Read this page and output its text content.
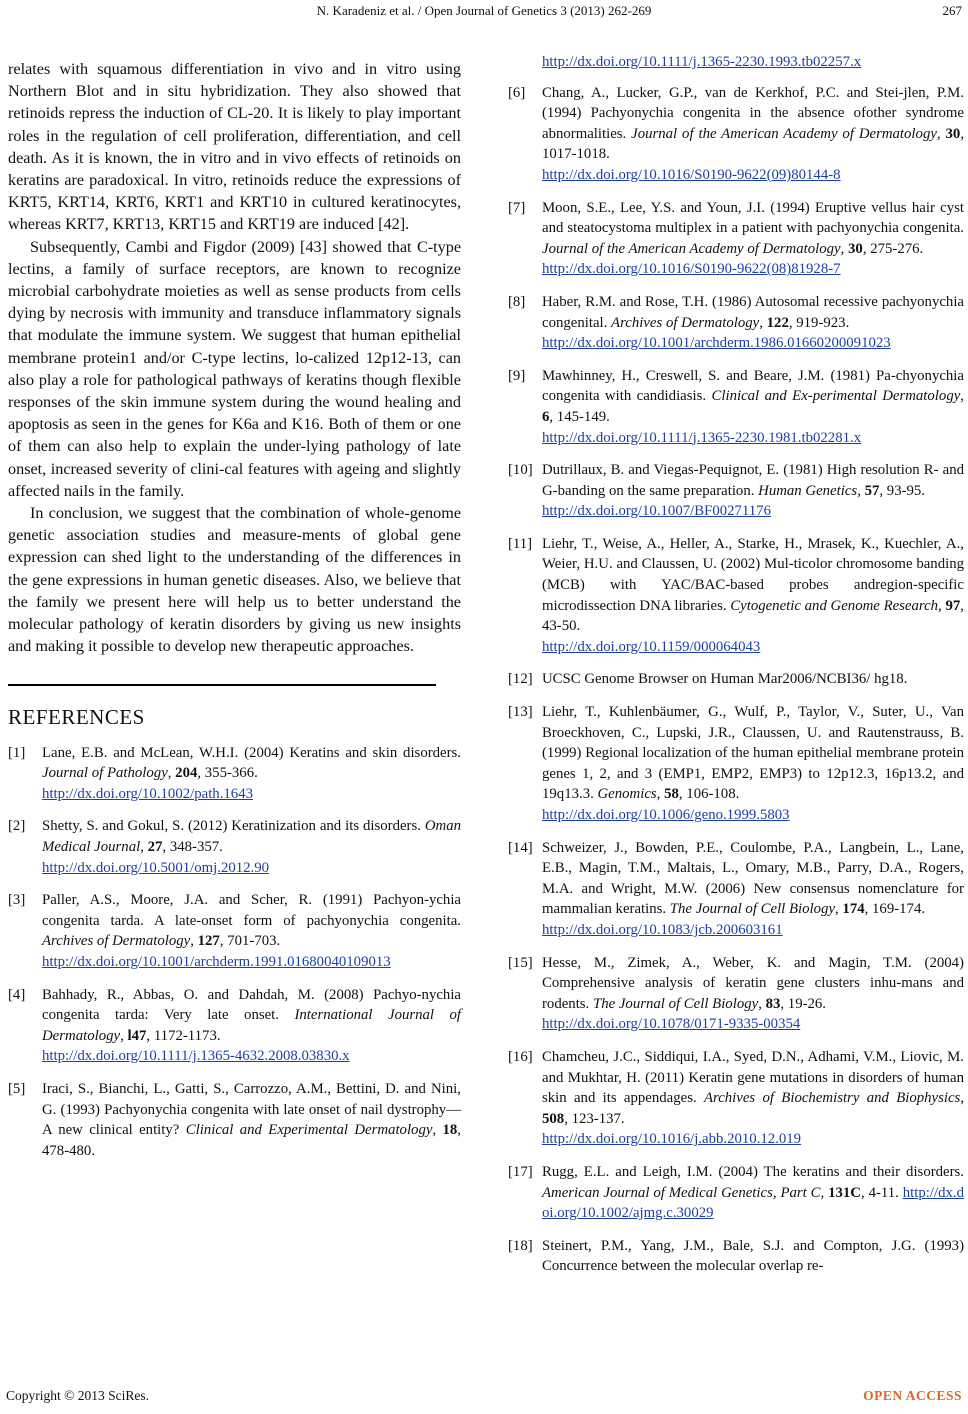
N. Karadeniz et al. / Open Journal of Genetics 3 (2013) 262-269	267

relates with squamous differentiation in vivo and in vitro using Northern Blot and in situ hybridization. They also showed that retinoids repress the induction of CL-20. It is likely to play important roles in the regulation of cell proliferation, differentiation, and cell death. As it is known, the in vitro and in vivo effects of retinoids on keratins are paradoxical. In vitro, retinoids reduce the expressions of KRT5, KRT14, KRT6, KRT1 and KRT10 in cultured keratinocytes, whereas KRT7, KRT13, KRT15 and KRT19 are induced [42].

Subsequently, Cambi and Figdor (2009) [43] showed that C-type lectins, a family of surface receptors, are known to recognize microbial carbohydrate moieties as well as sense products from cells dying by necrosis with immunity and transduce inflammatory signals that modulate the immune system. We suggest that human epithelial membrane protein1 and/or C-type lectins, lo-calized 12p12-13, can also play a role for pathological pathways of keratins though flexible responses of the skin immune system during the wound healing and apoptosis as seen in the genes for K6a and K16. Both of them or one of them can also help to explain the under-lying pathology of late onset, increased severity of clini-cal features with ageing and slightly affected nails in the family.

In conclusion, we suggest that the combination of whole-genome genetic association studies and measure-ments of global gene expression can shed light to the understanding of the differences in the gene expressions in human genetic diseases. Also, we believe that the family we present here will help us to better understand the molecular pathology of keratin disorders by giving us new insights and making it possible to develop new therapeutic approaches.

REFERENCES
[1] Lane, E.B. and McLean, W.H.I. (2004) Keratins and skin disorders. Journal of Pathology, 204, 355-366.
http://dx.doi.org/10.1002/path.1643
[2] Shetty, S. and Gokul, S. (2012) Keratinization and its disorders. Oman Medical Journal, 27, 348-357.
http://dx.doi.org/10.5001/omj.2012.90
[3] Paller, A.S., Moore, J.A. and Scher, R. (1991) Pachyon-ychia congenita tarda. A late-onset form of pachyonychia congenita. Archives of Dermatology, 127, 701-703.
http://dx.doi.org/10.1001/archderm.1991.01680040109013
[4] Bahhady, R., Abbas, O. and Dahdah, M. (2008) Pachyo-nychia congenita tarda: Very late onset. International Journal of Dermatology, l47, 1172-1173.
http://dx.doi.org/10.1111/j.1365-4632.2008.03830.x
[5] Iraci, S., Bianchi, L., Gatti, S., Carrozzo, A.M., Bettini, D. and Nini, G. (1993) Pachyonychia congenita with late onset of nail dystrophy—A new clinical entity? Clinical and Experimental Dermatology, 18, 478-480.
http://dx.doi.org/10.1111/j.1365-2230.1993.tb02257.x
[6] Chang, A., Lucker, G.P., van de Kerkhof, P.C. and Stei-jlen, P.M. (1994) Pachyonychia congenita in the absence ofother syndrome abnormalities. Journal of the American Academy of Dermatology, 30, 1017-1018.
http://dx.doi.org/10.1016/S0190-9622(09)80144-8
[7] Moon, S.E., Lee, Y.S. and Youn, J.I. (1994) Eruptive vellus hair cyst and steatocystoma multiplex in a patient with pachyonychia congenita. Journal of the American Academy of Dermatology, 30, 275-276.
http://dx.doi.org/10.1016/S0190-9622(08)81928-7
[8] Haber, R.M. and Rose, T.H. (1986) Autosomal recessive pachyonychia congenital. Archives of Dermatology, 122, 919-923.
http://dx.doi.org/10.1001/archderm.1986.01660200091023
[9] Mawhinney, H., Creswell, S. and Beare, J.M. (1981) Pa-chyonychia congenita with candidiasis. Clinical and Ex-perimental Dermatology, 6, 145-149.
http://dx.doi.org/10.1111/j.1365-2230.1981.tb02281.x
[10] Dutrillaux, B. and Viegas-Pequignot, E. (1981) High resolution R- and G-banding on the same preparation. Human Genetics, 57, 93-95.
http://dx.doi.org/10.1007/BF00271176
[11] Liehr, T., Weise, A., Heller, A., Starke, H., Mrasek, K., Kuechler, A., Weier, H.U. and Claussen, U. (2002) Mul-ticolor chromosome banding (MCB) with YAC/BAC-based probes andregion-specific microdissection DNA libraries. Cytogenetic and Genome Research, 97, 43-50.
http://dx.doi.org/10.1159/000064043
[12] UCSC Genome Browser on Human Mar2006/NCBI36/ hg18.
[13] Liehr, T., Kuhlenbäumer, G., Wulf, P., Taylor, V., Suter, U., Van Broeckhoven, C., Lupski, J.R., Claussen, U. and Rautenstrauss, B. (1999) Regional localization of the human epithelial membrane protein genes 1, 2, and 3 (EMP1, EMP2, EMP3) to 12p12.3, 16p13.2, and 19q13.3. Genomics, 58, 106-108.
http://dx.doi.org/10.1006/geno.1999.5803
[14] Schweizer, J., Bowden, P.E., Coulombe, P.A., Langbein, L., Lane, E.B., Magin, T.M., Maltais, L., Omary, M.B., Parry, D.A., Rogers, M.A. and Wright, M.W. (2006) New consensus nomenclature for mammalian keratins. The Journal of Cell Biology, 174, 169-174.
http://dx.doi.org/10.1083/jcb.200603161
[15] Hesse, M., Zimek, A., Weber, K. and Magin, T.M. (2004) Comprehensive analysis of keratin gene clusters inhu-mans and rodents. The Journal of Cell Biology, 83, 19-26.
http://dx.doi.org/10.1078/0171-9335-00354
[16] Chamcheu, J.C., Siddiqui, I.A., Syed, D.N., Adhami, V.M., Liovic, M. and Mukhtar, H. (2011) Keratin gene mutations in disorders of human skin and its appendages. Archives of Biochemistry and Biophysics, 508, 123-137.
http://dx.doi.org/10.1016/j.abb.2010.12.019
[17] Rugg, E.L. and Leigh, I.M. (2004) The keratins and their disorders. American Journal of Medical Genetics, Part C, 131C, 4-11. http://dx.doi.org/10.1002/ajmg.c.30029
[18] Steinert, P.M., Yang, J.M., Bale, S.J. and Compton, J.G. (1993) Concurrence between the molecular overlap re-
Copyright © 2013 SciRes.	OPEN ACCESS
